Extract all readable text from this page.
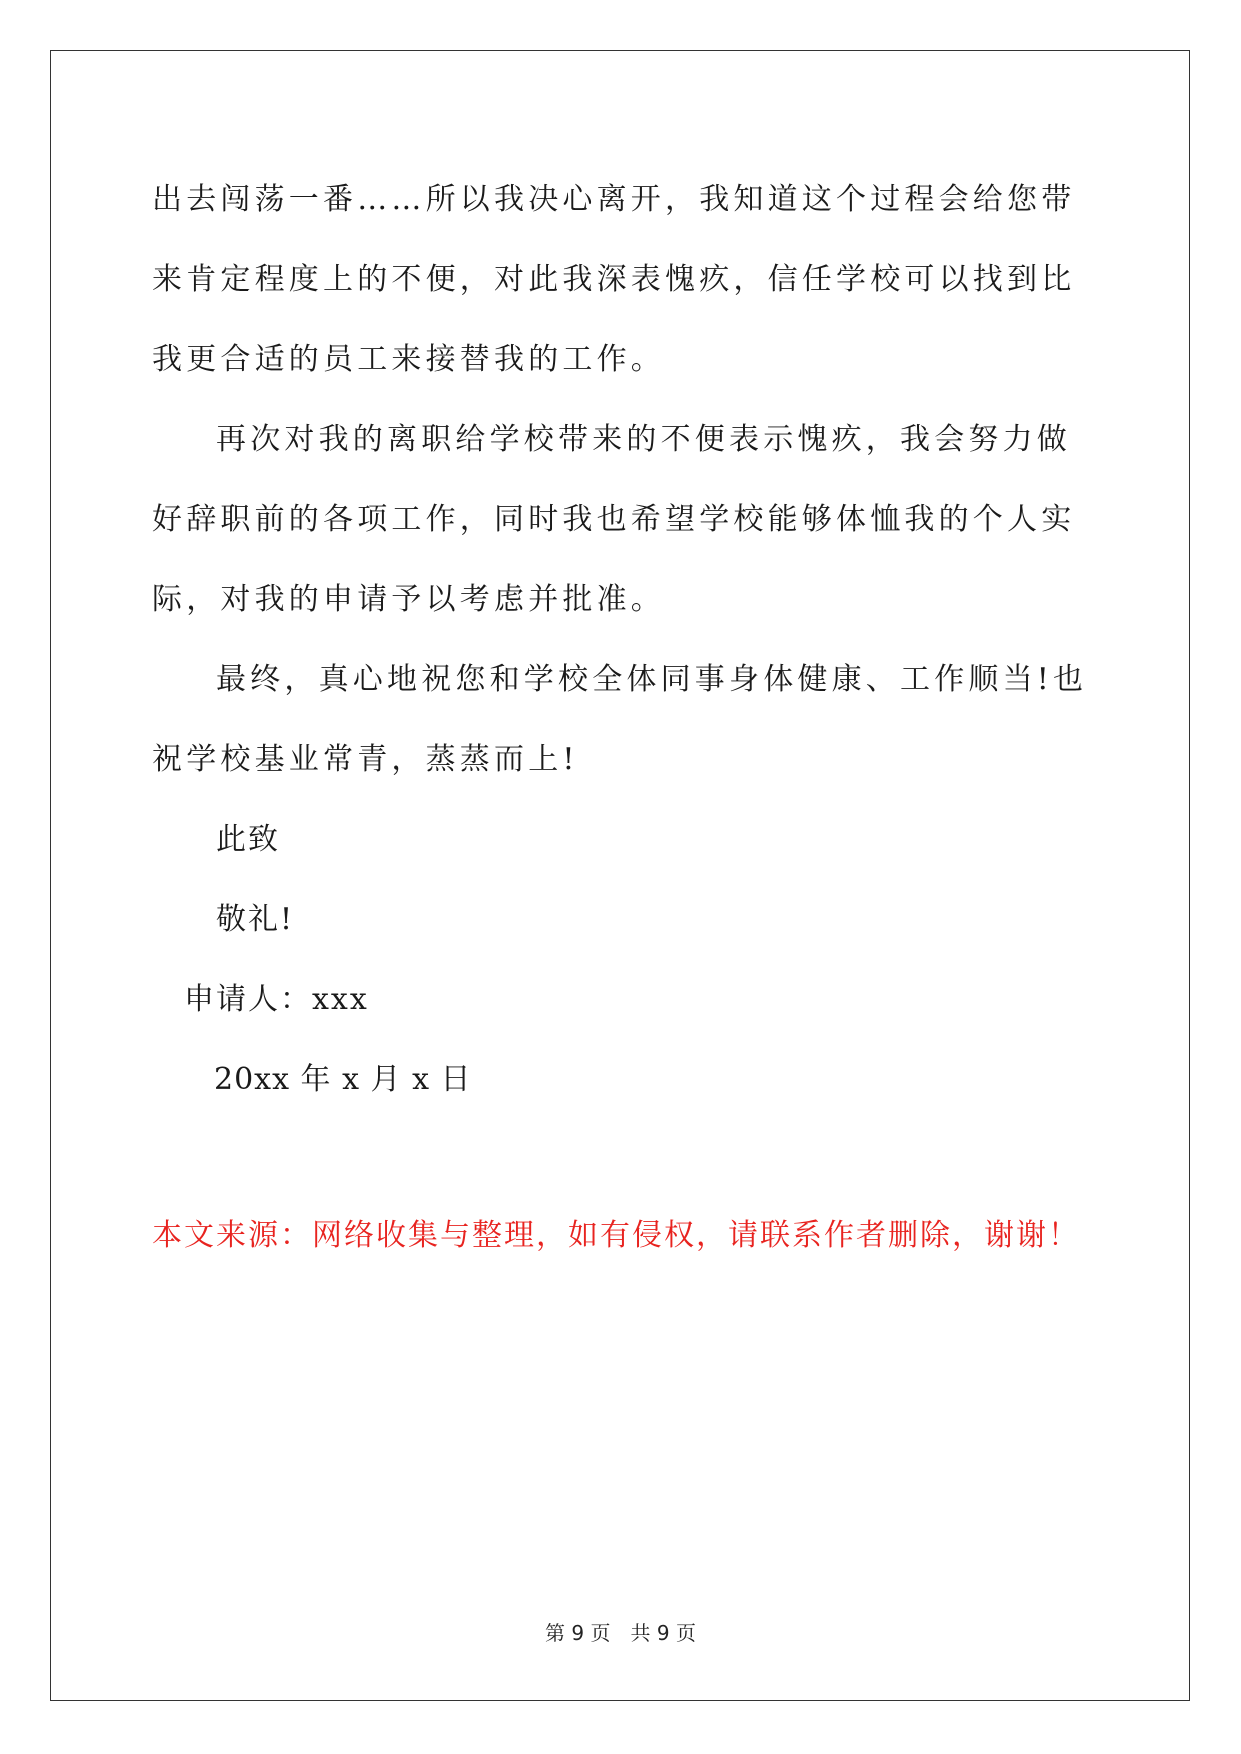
出去闯荡一番……所以我决心离开，我知道这个过程会给您带来肯定程度上的不便，对此我深表愧疚，信任学校可以找到比我更合适的员工来接替我的工作。

再次对我的离职给学校带来的不便表示愧疚，我会努力做好辞职前的各项工作，同时我也希望学校能够体恤我的个人实际，对我的申请予以考虑并批准。

最终，真心地祝您和学校全体同事身体健康、工作顺当!也祝学校基业常青，蒸蒸而上!

此致

敬礼!

申请人：xxx

20xx 年 x 月 x 日

本文来源：网络收集与整理，如有侵权，请联系作者删除，谢谢！

第 9 页 共 9 页
